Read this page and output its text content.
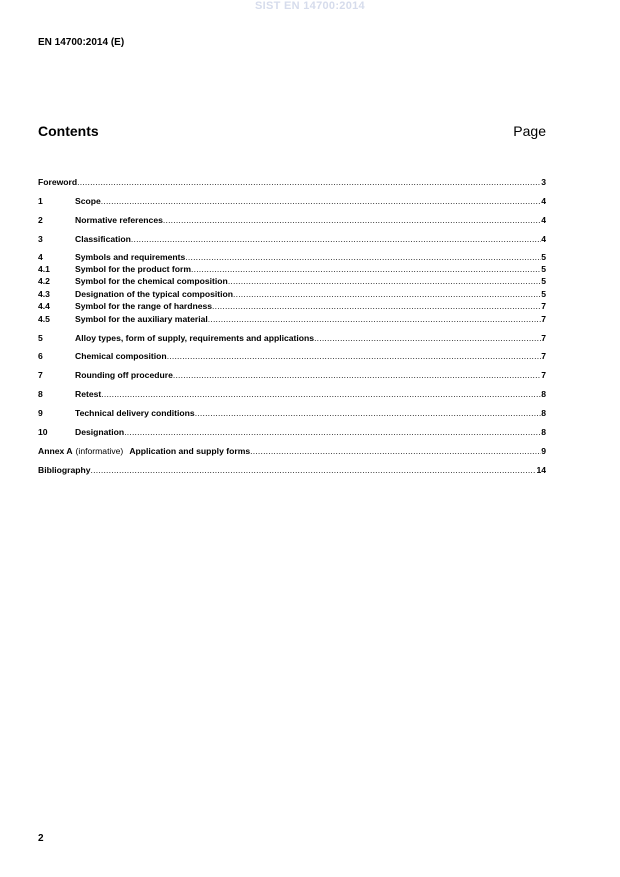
SIST EN 14700:2014
EN 14700:2014 (E)
Contents	Page
Foreword .....	3
1	Scope .....	4
2	Normative references .....	4
3	Classification .....	4
4	Symbols and requirements .....	5
4.1	Symbol for the product form .....	5
4.2	Symbol for the chemical composition .....	5
4.3	Designation of the typical composition .....	5
4.4	Symbol for the range of hardness .....	7
4.5	Symbol for the auxiliary material .....	7
5	Alloy types, form of supply, requirements and applications .....	7
6	Chemical composition .....	7
7	Rounding off procedure .....	7
8	Retest .....	8
9	Technical delivery conditions .....	8
10	Designation .....	8
Annex A (informative) Application and supply forms .....	9
Bibliography .....	14
2
